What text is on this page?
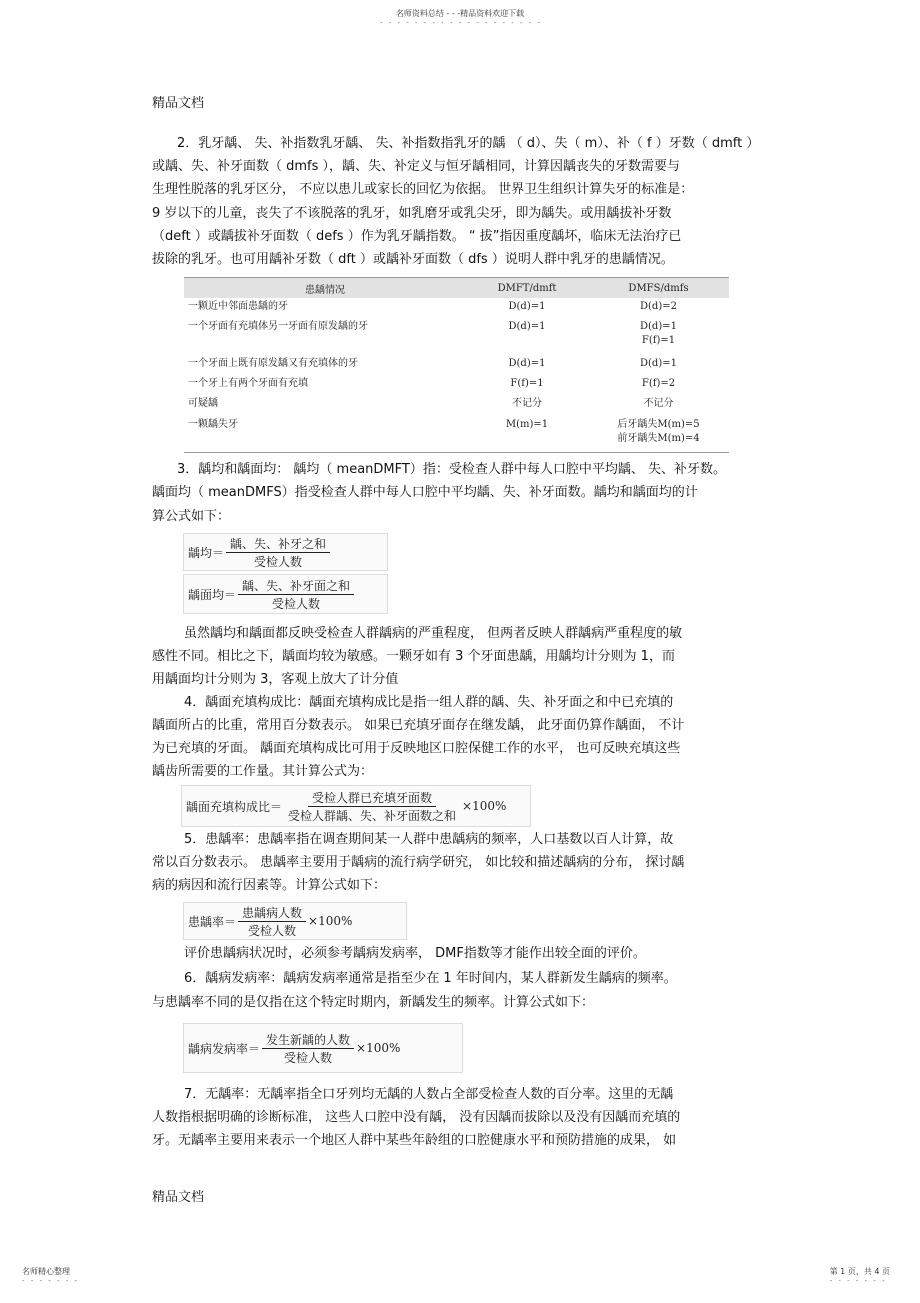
名师资料总结 - - -精品资料欢迎下载
- - - - - - - - - - - - - - - - - - -
精品文档
2．乳牙龋、 失、补指数乳牙龋、 失、补指数指乳牙的龋 （ d）、失（ m）、补（ f ）牙数（ dmft ）
或龋、失、补牙面数（ dmfs ），龋、失、补定义与恒牙龋相同，计算因龋丧失的牙数需要与
生理性脱落的乳牙区分， 不应以患儿或家长的回忆为依据。 世界卫生组织计算失牙的标准是：
9 岁以下的儿童，丧失了不该脱落的乳牙，如乳磨牙或乳尖牙，即为龋失。或用龋拔补牙数
（deft ）或龋拔补牙面数（ defs ）作为乳牙龋指数。 “ 拔”指因重度龋坏，临床无法治疗已
拔除的乳牙。也可用龋补牙数（ dft ）或龋补牙面数（ dfs ）说明人群中乳牙的患龋情况。
患龋情况	DMFT/dmft	DMFS/dmfs
一颗近中邻面患龋的牙	D(d)=1	D(d)=2

一个牙面有充填体另一牙面有原发龋的牙	D(d)=1	D(d)=1
F(f)=1

一个牙面上既有原发龋又有充填体的牙	D(d)=1	D(d)=1

一个牙上有两个牙面有充填	F(f)=1	F(f)=2

可疑龋	不记分	不记分

一颗龋失牙	M(m)=1	后牙龋失M(m)=5
前牙龋失M(m)=4
3．龋均和龋面均： 龋均（ meanDMFT）指：受检查人群中每人口腔中平均龋、 失、补牙数。
龋面均（ meanDMFS）指受检查人群中每人口腔中平均龋、失、补牙面数。龋均和龋面均的计
算公式如下：
龋均＝ $\frac{\text{龋、失、补牙之和}}{\text{受检人数}}$
龋面均＝ $\frac{\text{龋、失、补牙面之和}}{\text{受检人数}}$
虽然龋均和龋面都反映受检查人群龋病的严重程度， 但两者反映人群龋病严重程度的敏
感性不同。相比之下，龋面均较为敏感。一颗牙如有 3 个牙面患龋，用龋均计分则为 1，而
用龋面均计分则为 3，客观上放大了计分值
4．龋面充填构成比：龋面充填构成比是指一组人群的龋、失、补牙面之和中已充填的
龋面所占的比重，常用百分数表示。 如果已充填牙面存在继发龋， 此牙面仍算作龋面， 不计
为已充填的牙面。 龋面充填构成比可用于反映地区口腔保健工作的水平， 也可反映充填这些
龋齿所需要的工作量。其计算公式为：
龋面充填构成比＝ $\frac{\text{受检人群已充填牙面数}}{\text{受检人群龋、失、补牙面数之和}} \times 100\%$
5．患龋率：患龋率指在调查期间某一人群中患龋病的频率，人口基数以百人计算，故
常以百分数表示。 患龋率主要用于龋病的流行病学研究， 如比较和描述龋病的分布， 探讨龋
病的病因和流行因素等。计算公式如下：
患龋率＝ $\frac{\text{患龋病人数}}{\text{受检人数}} \times 100\%$
评价患龋病状况时，必须参考龋病发病率， DMF指数等才能作出较全面的评价。
6．龋病发病率：龋病发病率通常是指至少在 1 年时间内，某人群新发生龋病的频率。
与患龋率不同的是仅指在这个特定时期内，新龋发生的频率。计算公式如下：
龋病发病率＝ $\frac{\text{发生新龋的人数}}{\text{受检人数}} \times 100\%$
7．无龋率：无龋率指全口牙列均无龋的人数占全部受检查人数的百分率。这里的无龋
人数指根据明确的诊断标准， 这些人口腔中没有龋， 没有因龋而拔除以及没有因龋而充填的
牙。无龋率主要用来表示一个地区人群中某些年龄组的口腔健康水平和预防措施的成果， 如
精品文档
名师精心整理
- - - - - - -
第 1 页，共 4 页
- - - - - - -
